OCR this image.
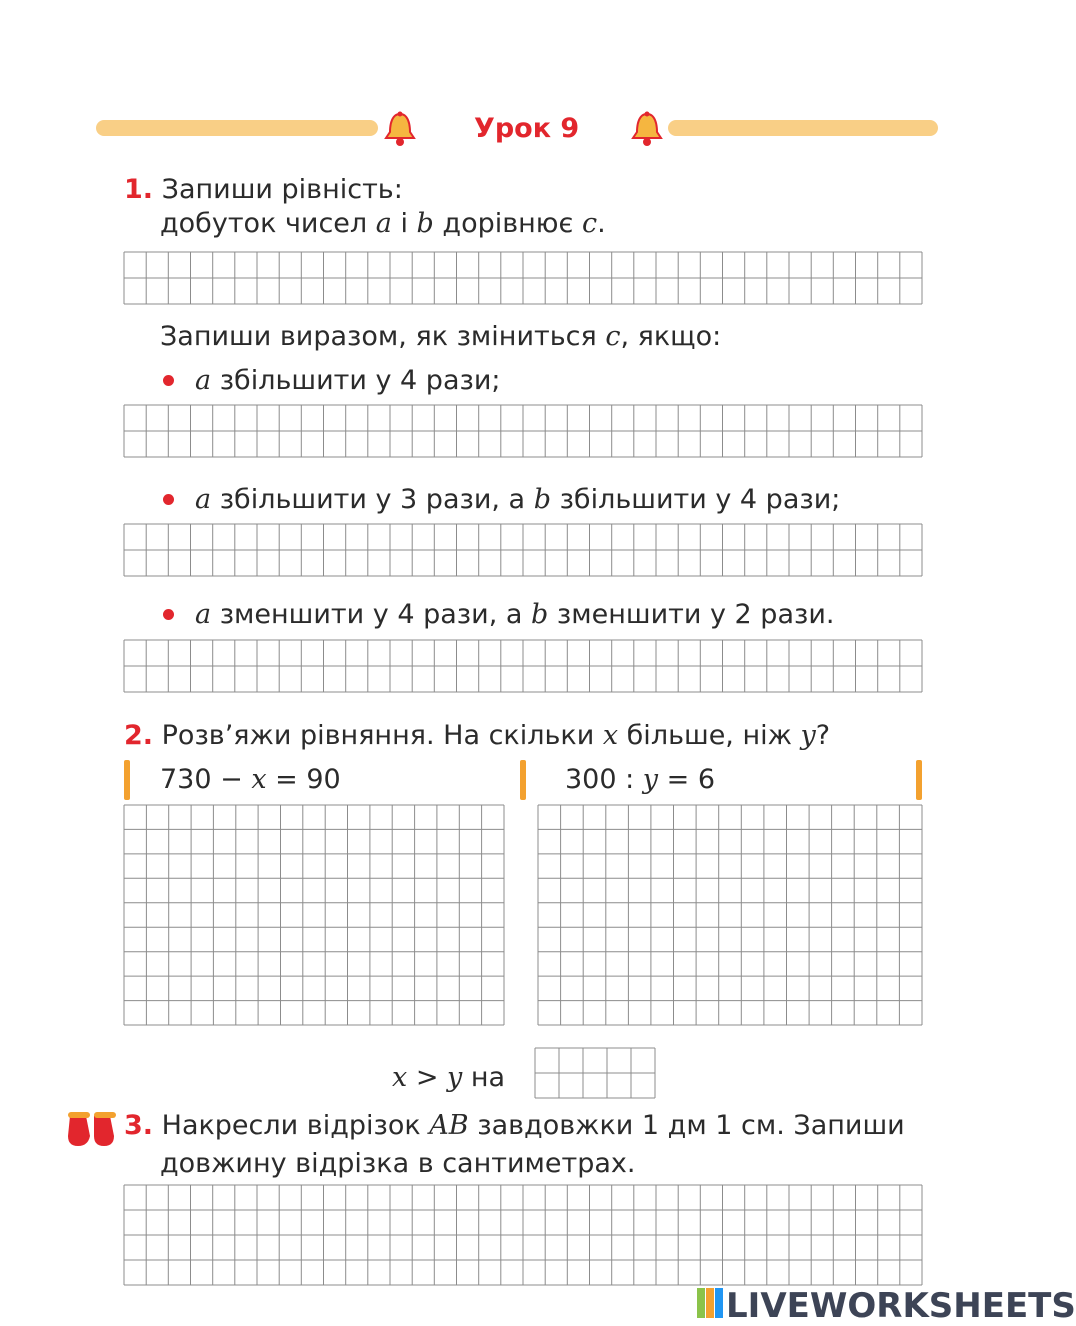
Урок 9
1. Запиши рівність:
добуток чисел a і b дорівнює c.
Запиши виразом, як зміниться c, якщо:
a збільшити у 4 рази;
a збільшити у 3 рази, а b збільшити у 4 рази;
a зменшити у 4 рази, а b зменшити у 2 рази.
2. Розв’яжи рівняння. На скільки x більше, ніж y?
730 − x = 90	300 : y = 6
x > y на
3. Накресли відрізок AB завдовжки 1 дм 1 см. Запиши
довжину відрізка в сантиметрах.
LIVEWORKSHEETS
